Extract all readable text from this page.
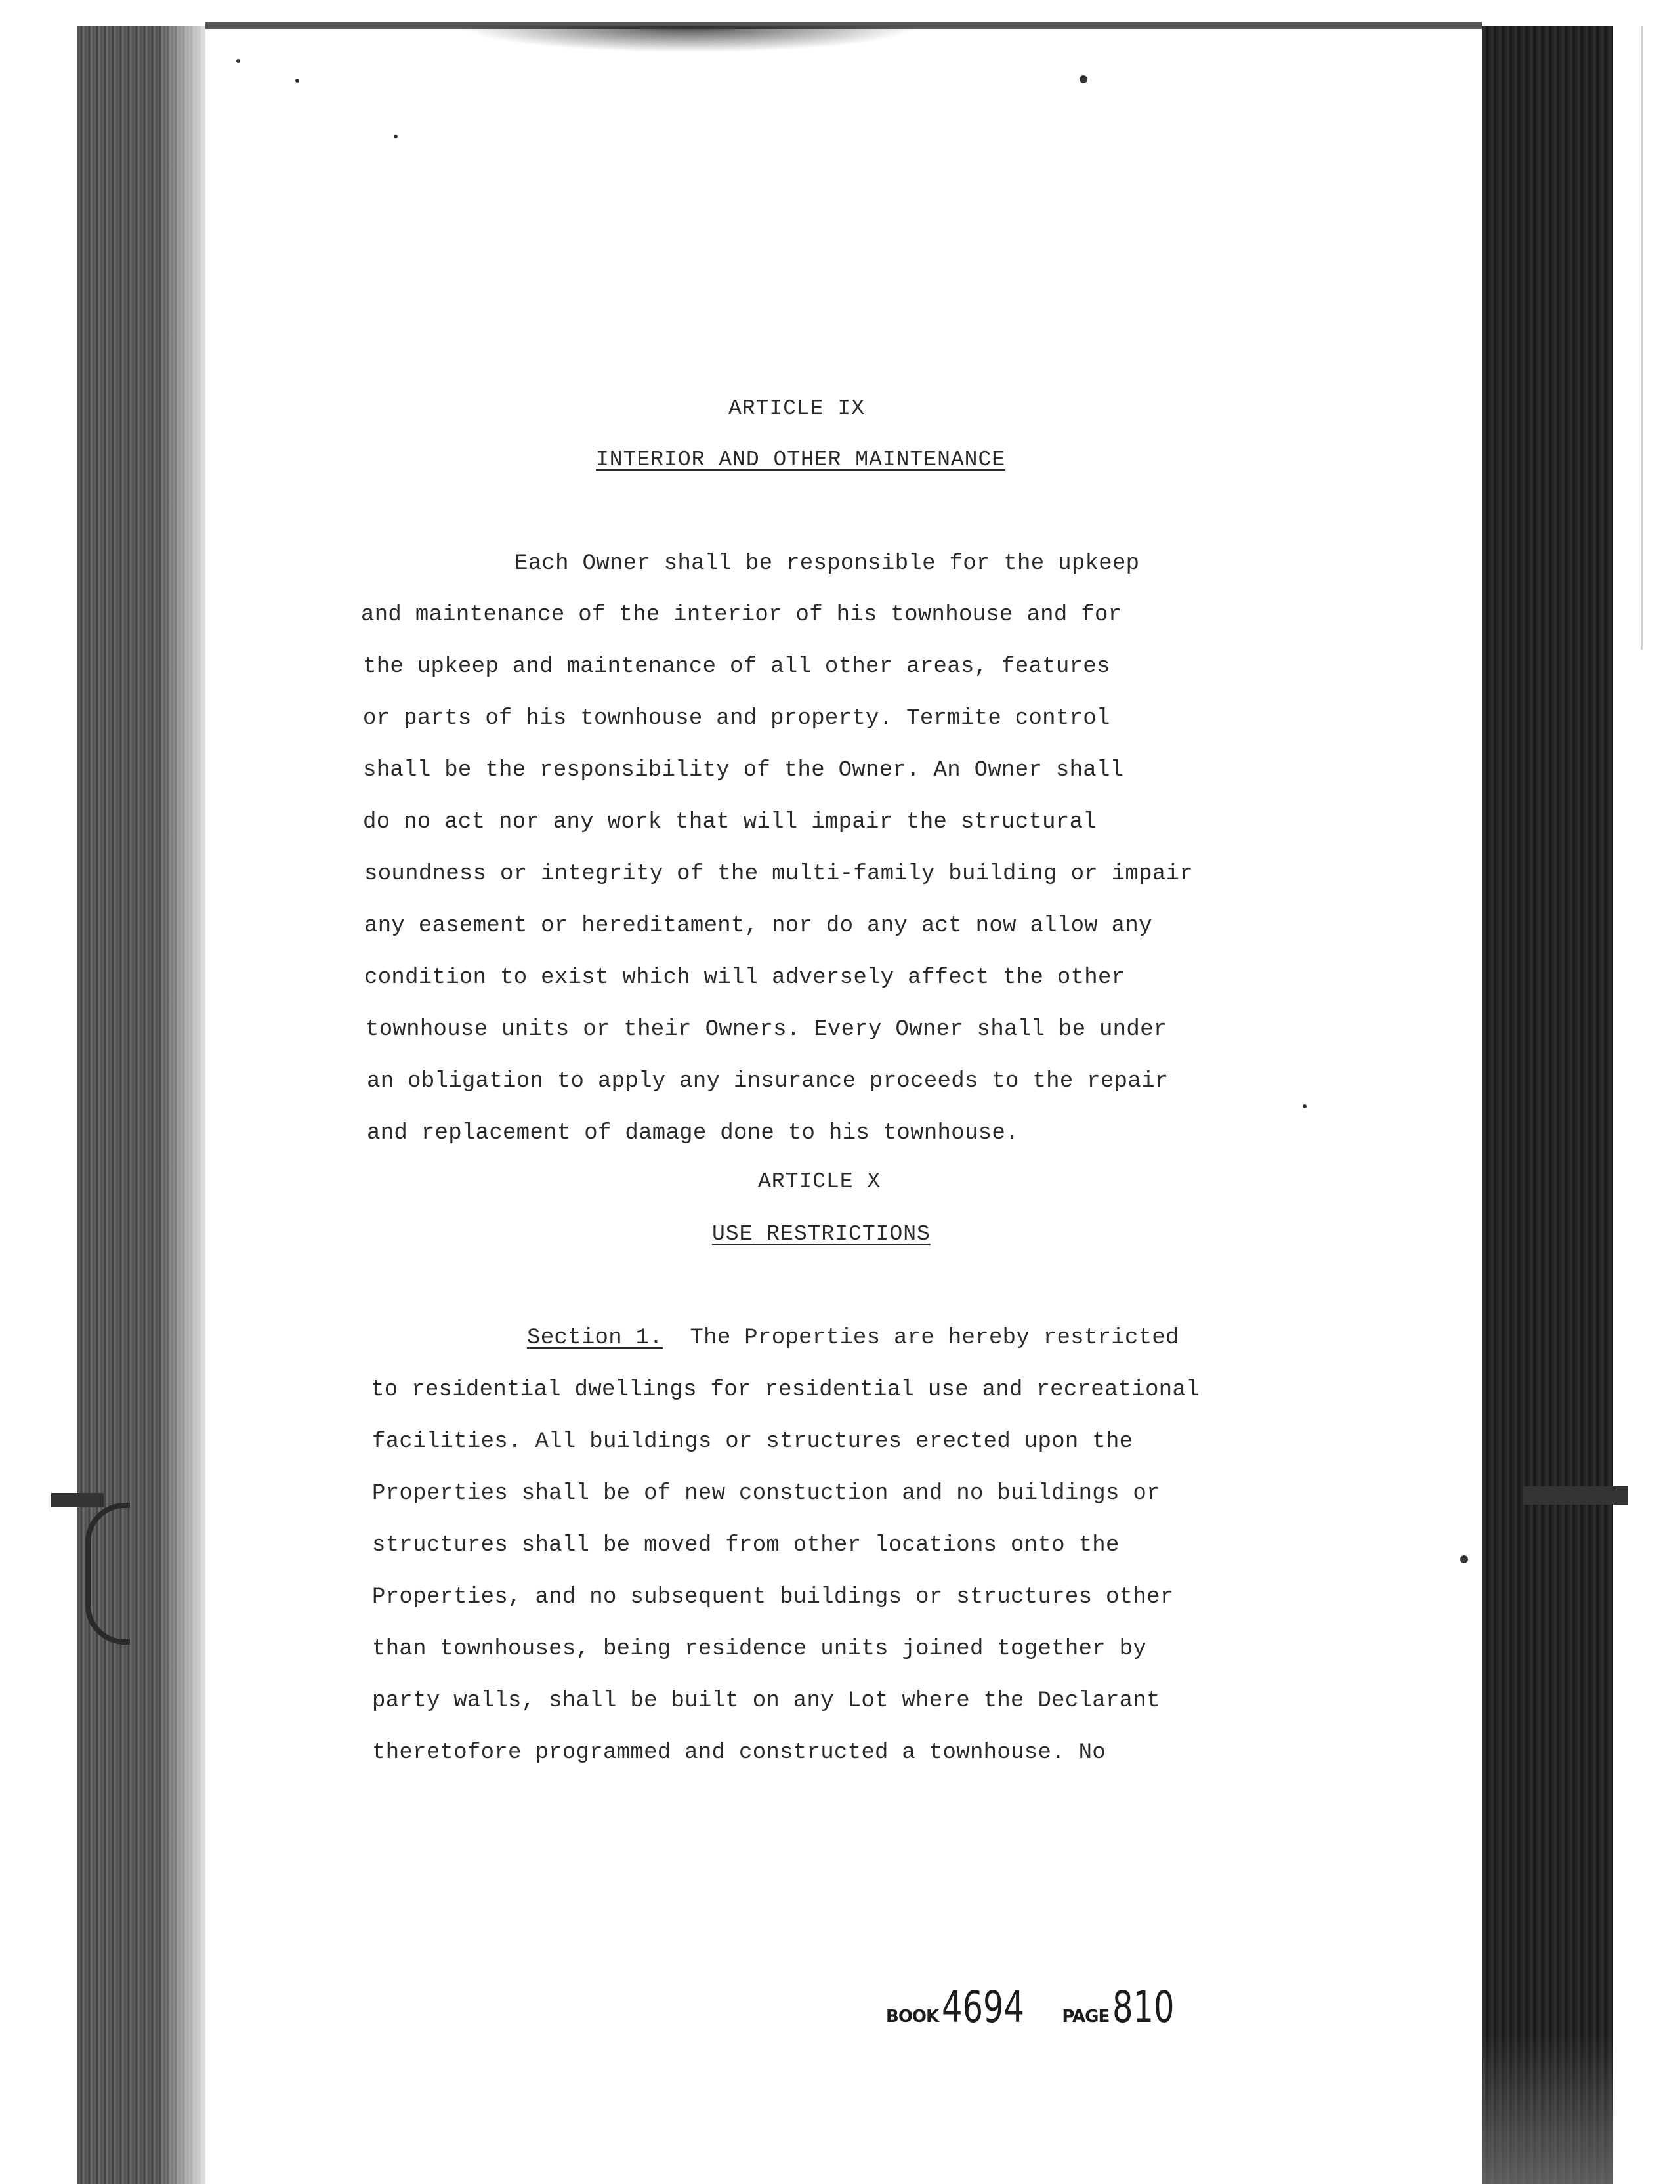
ARTICLE IX
INTERIOR AND OTHER MAINTENANCE
Each Owner shall be responsible for the upkeep
and maintenance of the interior of his townhouse and for
the upkeep and maintenance of all other areas, features
or parts of his townhouse and property. Termite control
shall be the responsibility of the Owner. An Owner shall
do no act nor any work that will impair the structural
soundness or integrity of the multi-family building or impair
any easement or hereditament, nor do any act now allow any
condition to exist which will adversely affect the other
townhouse units or their Owners. Every Owner shall be under
an obligation to apply any insurance proceeds to the repair
and replacement of damage done to his townhouse.
ARTICLE X
USE RESTRICTIONS
Section 1. The Properties are hereby restricted
to residential dwellings for residential use and recreational
facilities. All buildings or structures erected upon the
Properties shall be of new constuction and no buildings or
structures shall be moved from other locations onto the
Properties, and no subsequent buildings or structures other
than townhouses, being residence units joined together by
party walls, shall be built on any Lot where the Declarant
theretofore programmed and constructed a townhouse. No
BOOK 4694 PAGE 810
